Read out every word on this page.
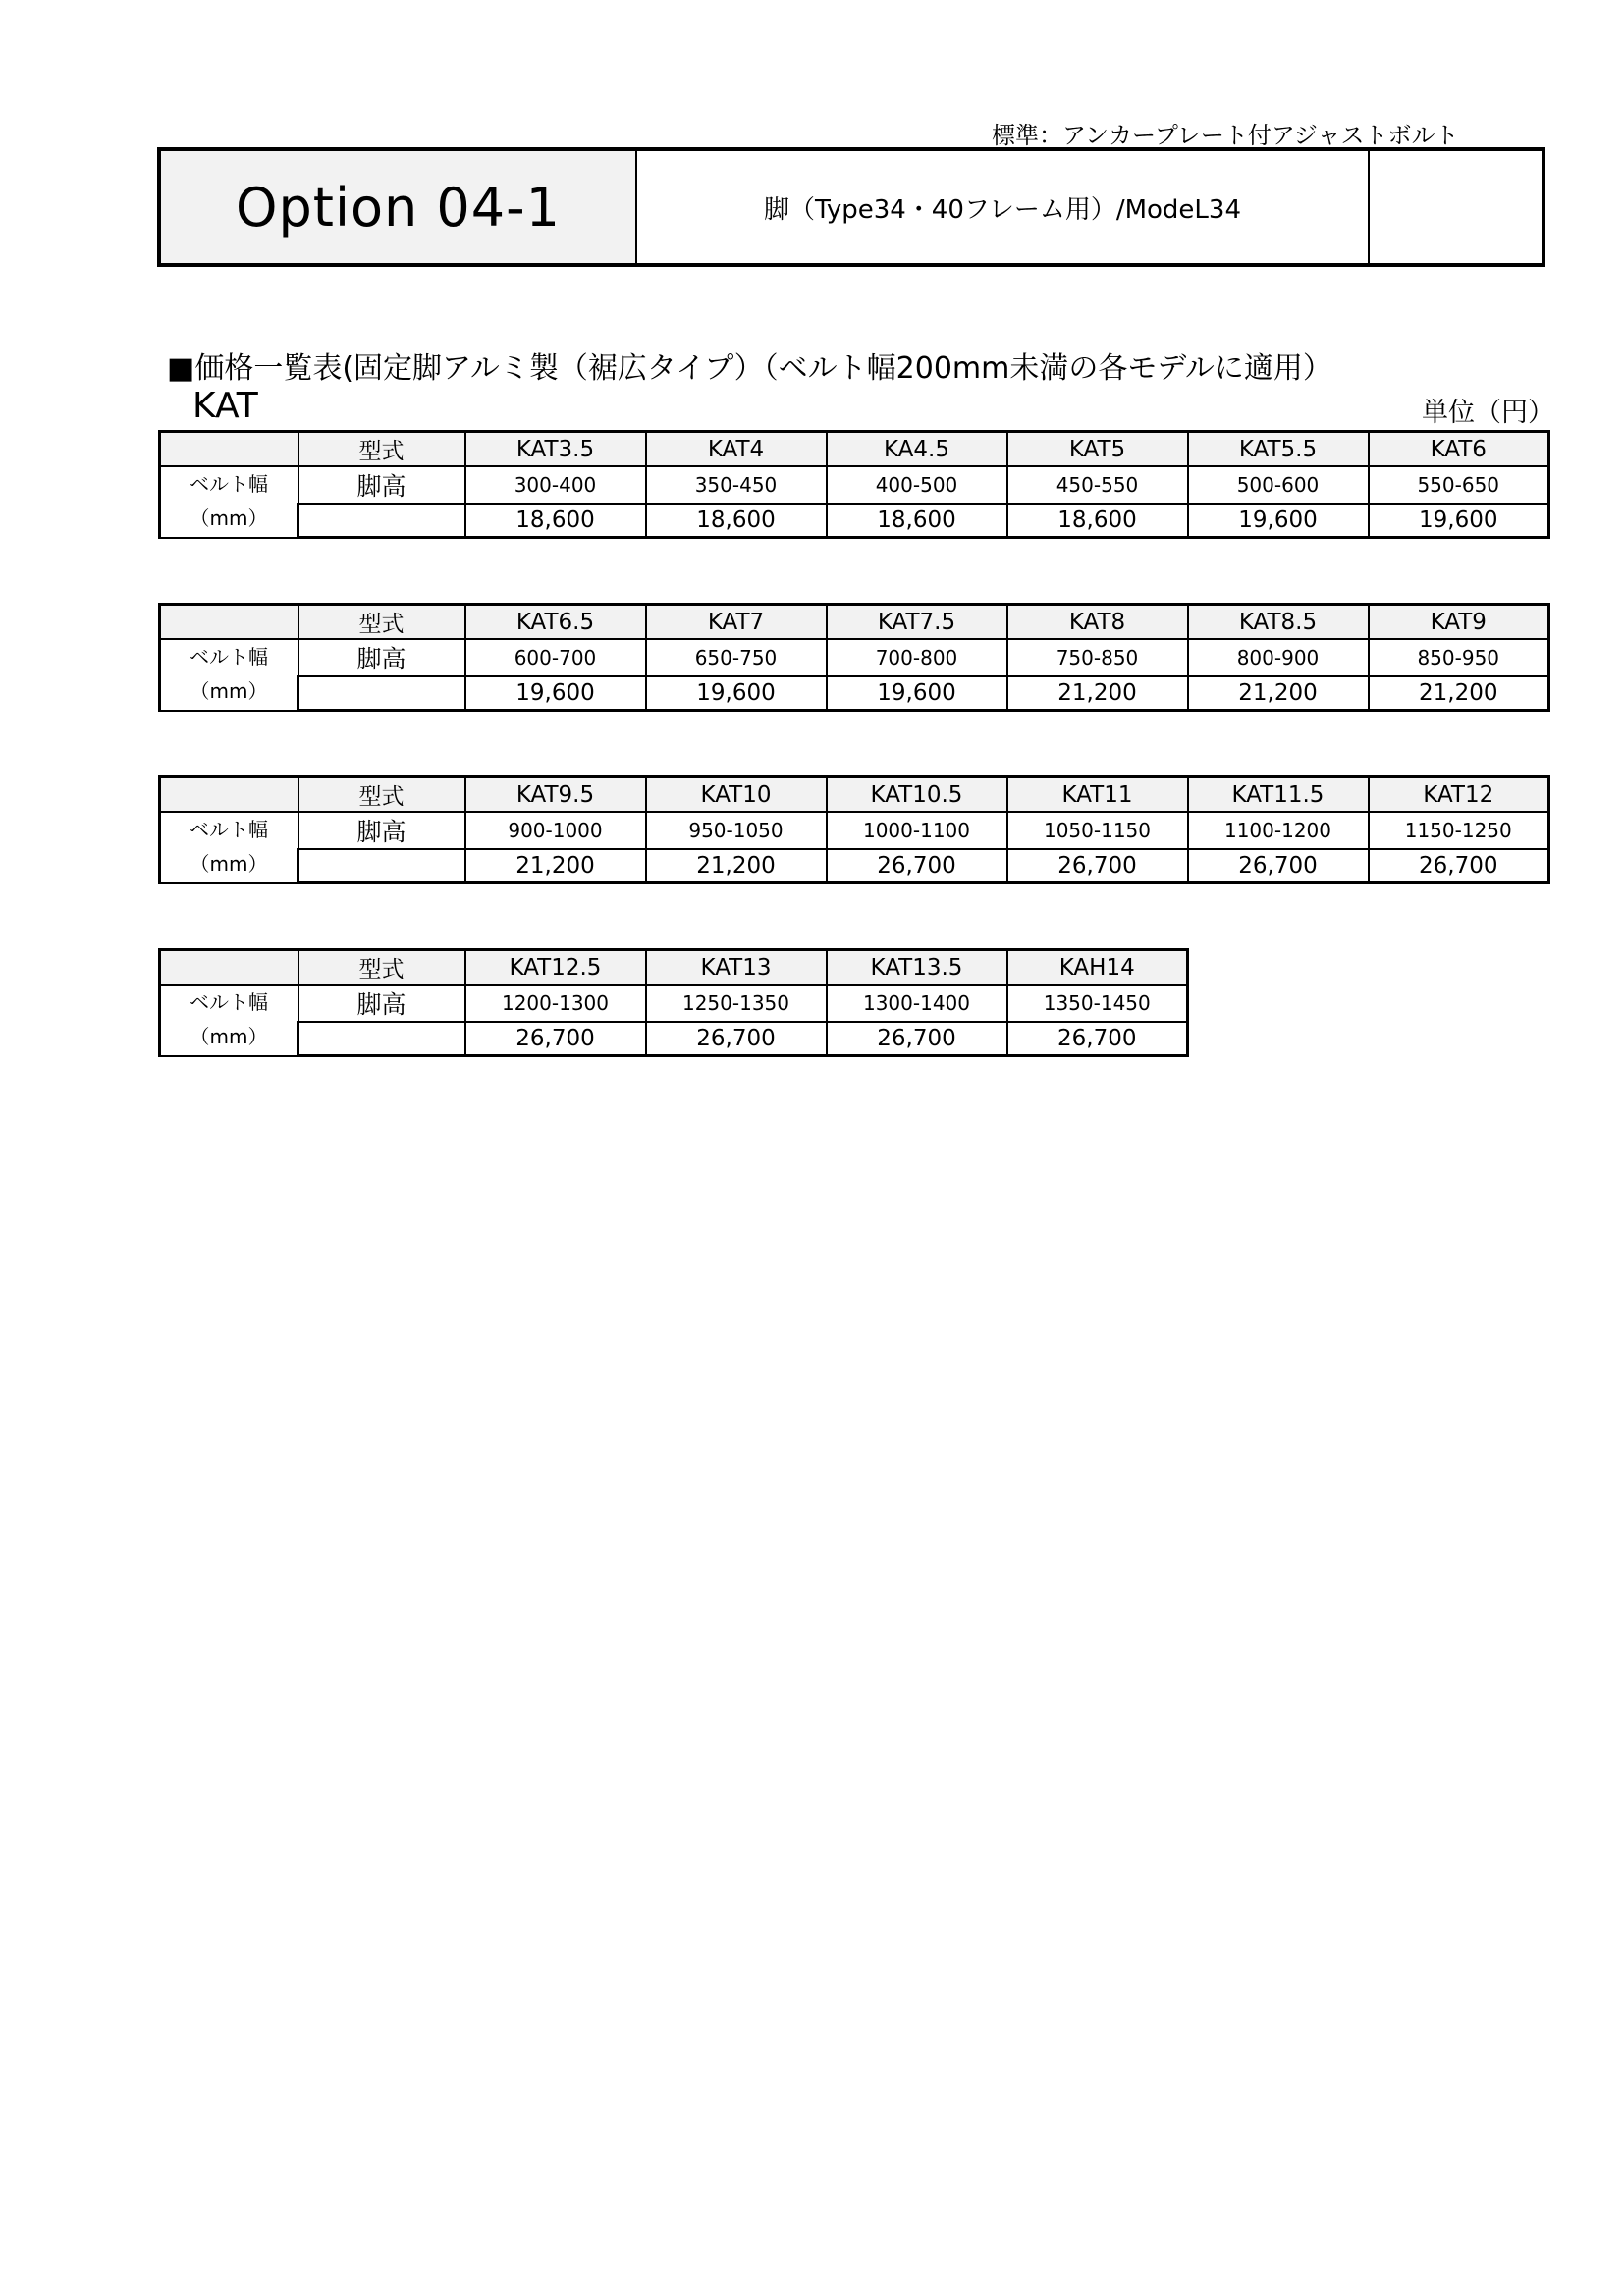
標準：アンカープレート付アジャストボルト
Option 04-1	脚（Type34・40フレーム用）/ModeL34
■価格一覧表(固定脚アルミ製（裾広タイプ）（ベルト幅200mm未満の各モデルに適用）
KAT	単位（円）
	型式	KAT3.5	KAT4	KA4.5	KAT5	KAT5.5	KAT6

ベルト幅
（mm）	脚高	300-400	350-450	400-500	450-550	500-600	550-650
		18,600	18,600	18,600	18,600	19,600	19,600
	型式	KAT6.5	KAT7	KAT7.5	KAT8	KAT8.5	KAT9

ベルト幅
（mm）	脚高	600-700	650-750	700-800	750-850	800-900	850-950
		19,600	19,600	19,600	21,200	21,200	21,200
	型式	KAT9.5	KAT10	KAT10.5	KAT11	KAT11.5	KAT12

ベルト幅
（mm）	脚高	900-1000	950-1050	1000-1100	1050-1150	1100-1200	1150-1250
		21,200	21,200	26,700	26,700	26,700	26,700
	型式	KAT12.5	KAT13	KAT13.5	KAH14

ベルト幅
（mm）	脚高	1200-1300	1250-1350	1300-1400	1350-1450
		26,700	26,700	26,700	26,700
